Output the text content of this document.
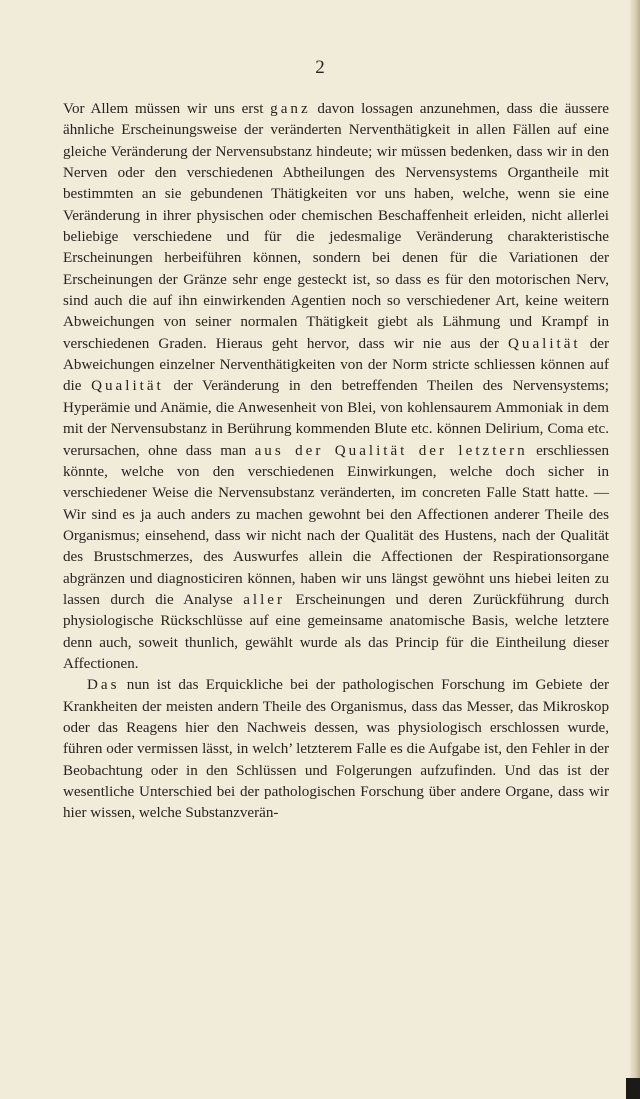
2

Vor Allem müssen wir uns erst ganz davon lossagen anzunehmen, dass die äussere ähnliche Erscheinungsweise der veränderten Nerventhätigkeit in allen Fällen auf eine gleiche Veränderung der Nervensubstanz hindeute; wir müssen bedenken, dass wir in den Nerven oder den verschiedenen Abtheilungen des Nervensystems Organtheile mit bestimmten an sie gebundenen Thätigkeiten vor uns haben, welche, wenn sie eine Veränderung in ihrer physischen oder chemischen Beschaffenheit erleiden, nicht allerlei beliebige verschiedene und für die jedesmalige Veränderung charakteristische Erscheinungen herbeiführen können, sondern bei denen für die Variationen der Erscheinungen der Gränze sehr enge gesteckt ist, so dass es für den motorischen Nerv, sind auch die auf ihn einwirkenden Agentien noch so verschiedener Art, keine weitern Abweichungen von seiner normalen Thätigkeit giebt als Lähmung und Krampf in verschiedenen Graden. Hieraus geht hervor, dass wir nie aus der Qualität der Abweichungen einzelner Nerventhätigkeiten von der Norm stricte schliessen können auf die Qualität der Veränderung in den betreffenden Theilen des Nervensystems; Hyperämie und Anämie, die Anwesenheit von Blei, von kohlensaurem Ammoniak in dem mit der Nervensubstanz in Berührung kommenden Blute etc. können Delirium, Coma etc. verursachen, ohne dass man aus der Qualität der letztern erschliessen könnte, welche von den verschiedenen Einwirkungen, welche doch sicher in verschiedener Weise die Nervensubstanz veränderten, im concreten Falle Statt hatte. — Wir sind es ja auch anders zu machen gewohnt bei den Affectionen anderer Theile des Organismus; einsehend, dass wir nicht nach der Qualität des Hustens, nach der Qualität des Brustschmerzes, des Auswurfes allein die Affectionen der Respirationsorgane abgränzen und diagnosticiren können, haben wir uns längst gewöhnt uns hiebei leiten zu lassen durch die Analyse aller Erscheinungen und deren Zurückführung durch physiologische Rückschlüsse auf eine gemeinsame anatomische Basis, welche letztere denn auch, soweit thunlich, gewählt wurde als das Princip für die Eintheilung dieser Affectionen.

Das nun ist das Erquickliche bei der pathologischen Forschung im Gebiete der Krankheiten der meisten andern Theile des Organismus, dass das Messer, das Mikroskop oder das Reagens hier den Nachweis dessen, was physiologisch erschlossen wurde, führen oder vermissen lässt, in welch’ letzterem Falle es die Aufgabe ist, den Fehler in der Beobachtung oder in den Schlüssen und Folgerungen aufzufinden. Und das ist der wesentliche Unterschied bei der pathologischen Forschung über andere Organe, dass wir hier wissen, welche Substanzverän-
